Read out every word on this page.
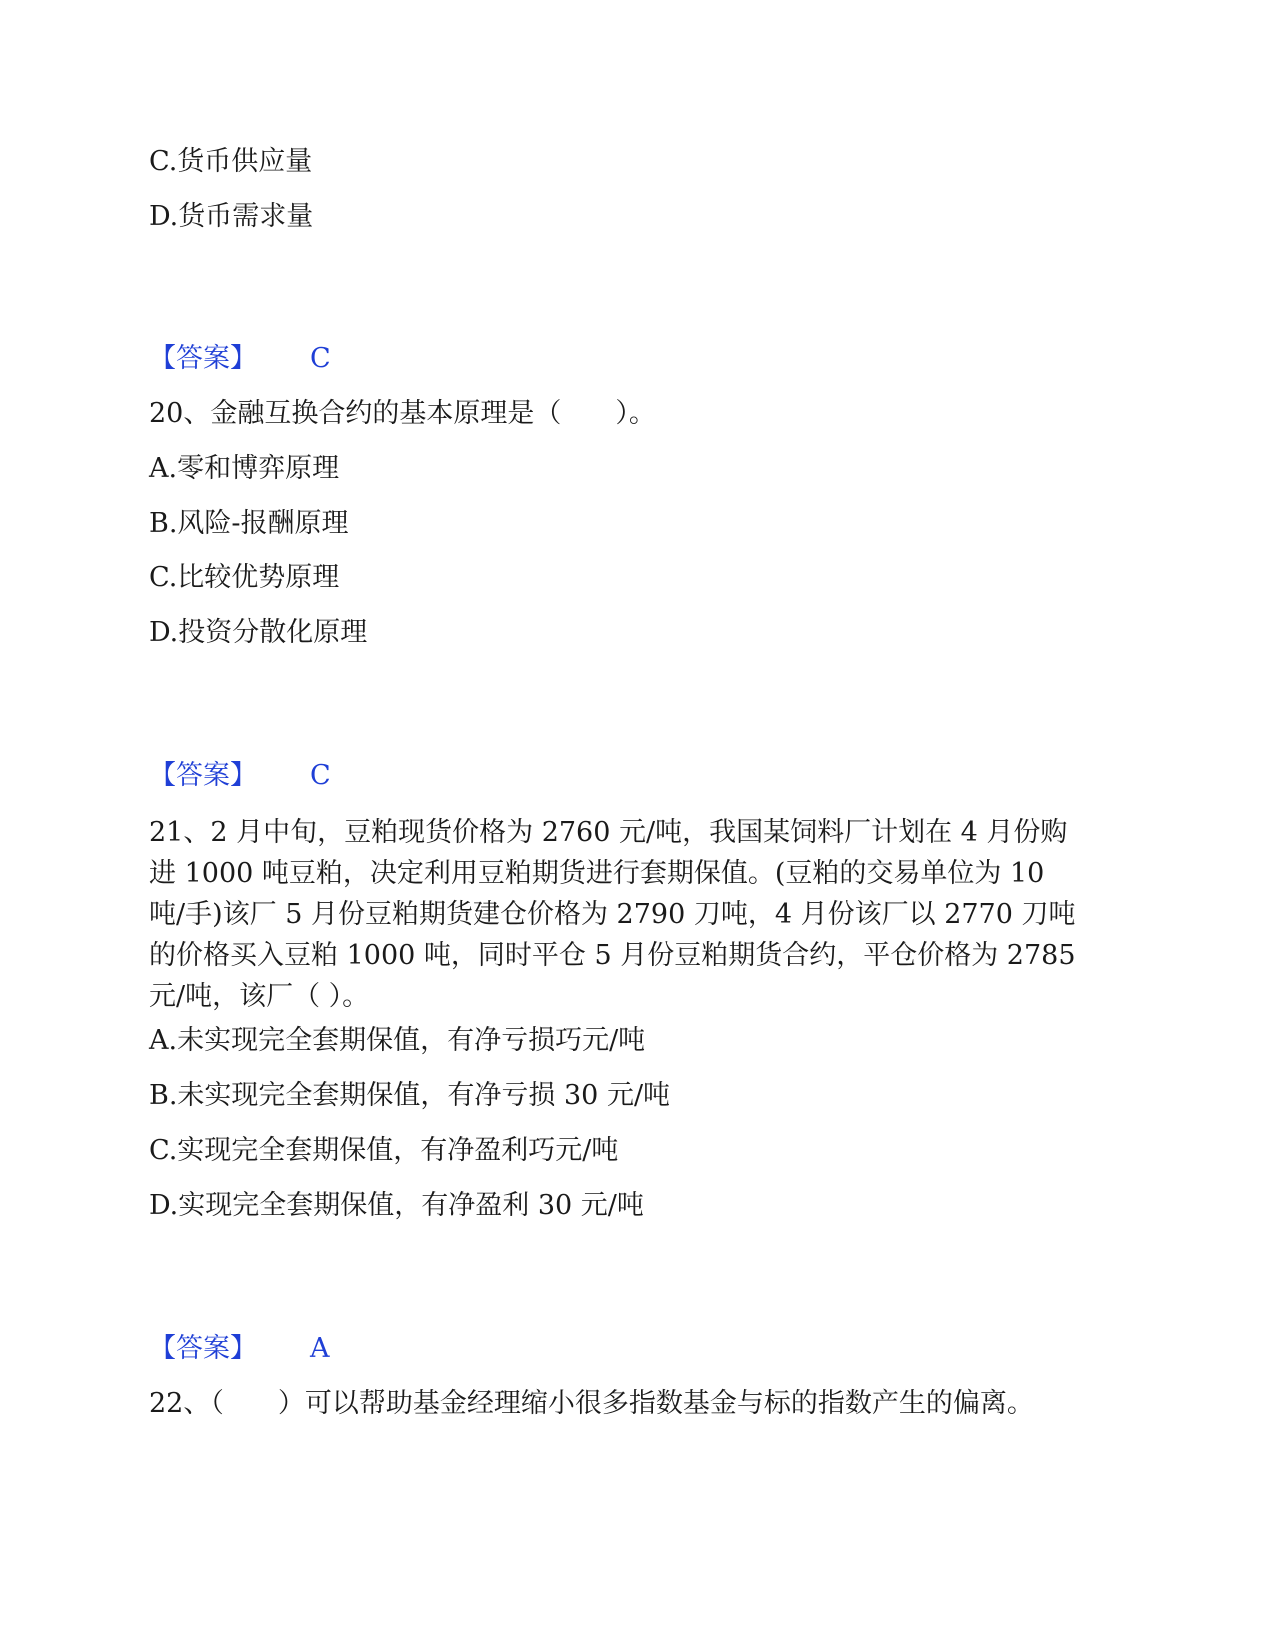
C.货币供应量
D.货币需求量
【答案】 C
20、金融互换合约的基本原理是（　　）。
A.零和博弈原理
B.风险-报酬原理
C.比较优势原理
D.投资分散化原理
【答案】 C
21、2 月中旬，豆粕现货价格为 2760 元/吨，我国某饲料厂计划在 4 月份购
进 1000 吨豆粕，决定利用豆粕期货进行套期保值。(豆粕的交易单位为 10
吨/手)该厂 5 月份豆粕期货建仓价格为 2790 刀吨，4 月份该厂以 2770 刀吨
的价格买入豆粕 1000 吨，同时平仓 5 月份豆粕期货合约，平仓价格为 2785
元/吨，该厂（ ）。
A.未实现完全套期保值，有净亏损巧元/吨
B.未实现完全套期保值，有净亏损 30 元/吨
C.实现完全套期保值，有净盈利巧元/吨
D.实现完全套期保值，有净盈利 30 元/吨
【答案】 A
22、（　　）可以帮助基金经理缩小很多指数基金与标的指数产生的偏离。
